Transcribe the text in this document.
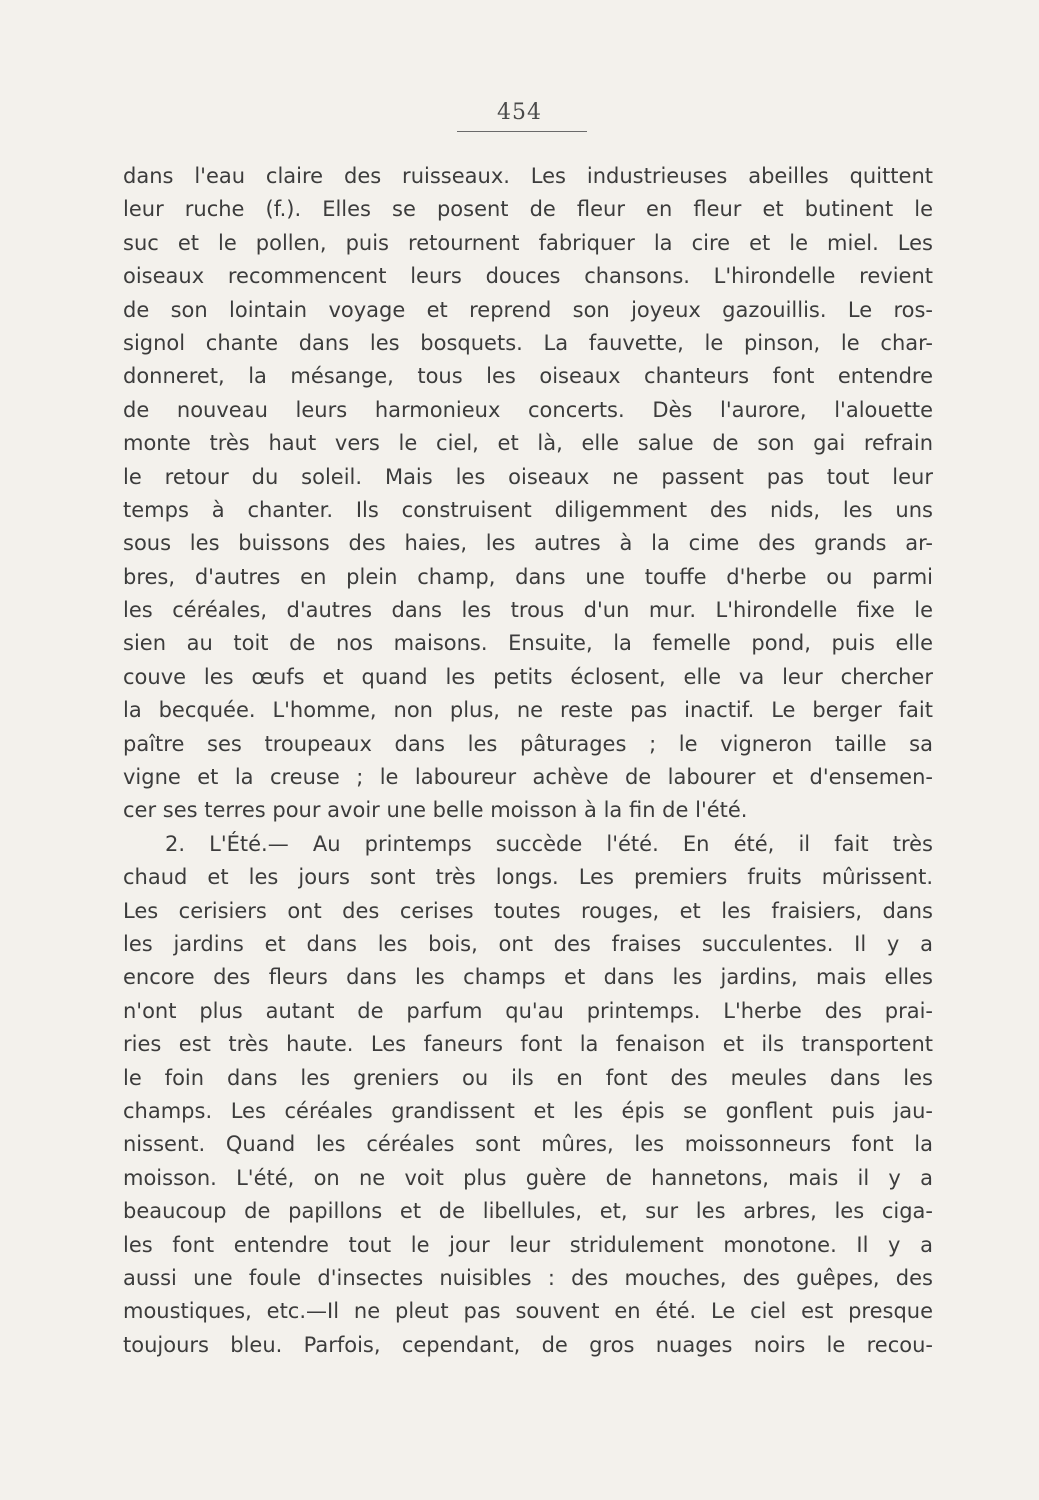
454
dans l'eau claire des ruisseaux. Les industrieuses abeilles quittent
leur ruche (f.). Elles se posent de fleur en fleur et butinent le
suc et le pollen, puis retournent fabriquer la cire et le miel. Les
oiseaux recommencent leurs douces chansons. L'hirondelle revient
de son lointain voyage et reprend son joyeux gazouillis. Le ros-
signol chante dans les bosquets. La fauvette, le pinson, le char-
donneret, la mésange, tous les oiseaux chanteurs font entendre
de nouveau leurs harmonieux concerts. Dès l'aurore, l'alouette
monte très haut vers le ciel, et là, elle salue de son gai refrain
le retour du soleil. Mais les oiseaux ne passent pas tout leur
temps à chanter. Ils construisent diligemment des nids, les uns
sous les buissons des haies, les autres à la cime des grands ar-
bres, d'autres en plein champ, dans une touffe d'herbe ou parmi
les céréales, d'autres dans les trous d'un mur. L'hirondelle fixe le
sien au toit de nos maisons. Ensuite, la femelle pond, puis elle
couve les œufs et quand les petits éclosent, elle va leur chercher
la becquée. L'homme, non plus, ne reste pas inactif. Le berger fait
paître ses troupeaux dans les pâturages ; le vigneron taille sa
vigne et la creuse ; le laboureur achève de labourer et d'ensemen-
cer ses terres pour avoir une belle moisson à la fin de l'été.
2. L'Été.— Au printemps succède l'été. En été, il fait très
chaud et les jours sont très longs. Les premiers fruits mûrissent.
Les cerisiers ont des cerises toutes rouges, et les fraisiers, dans
les jardins et dans les bois, ont des fraises succulentes. Il y a
encore des fleurs dans les champs et dans les jardins, mais elles
n'ont plus autant de parfum qu'au printemps. L'herbe des prai-
ries est très haute. Les faneurs font la fenaison et ils transportent
le foin dans les greniers ou ils en font des meules dans les
champs. Les céréales grandissent et les épis se gonflent puis jau-
nissent. Quand les céréales sont mûres, les moissonneurs font la
moisson. L'été, on ne voit plus guère de hannetons, mais il y a
beaucoup de papillons et de libellules, et, sur les arbres, les ciga-
les font entendre tout le jour leur stridulement monotone. Il y a
aussi une foule d'insectes nuisibles : des mouches, des guêpes, des
moustiques, etc.—Il ne pleut pas souvent en été. Le ciel est presque
toujours bleu. Parfois, cependant, de gros nuages noirs le recou-
